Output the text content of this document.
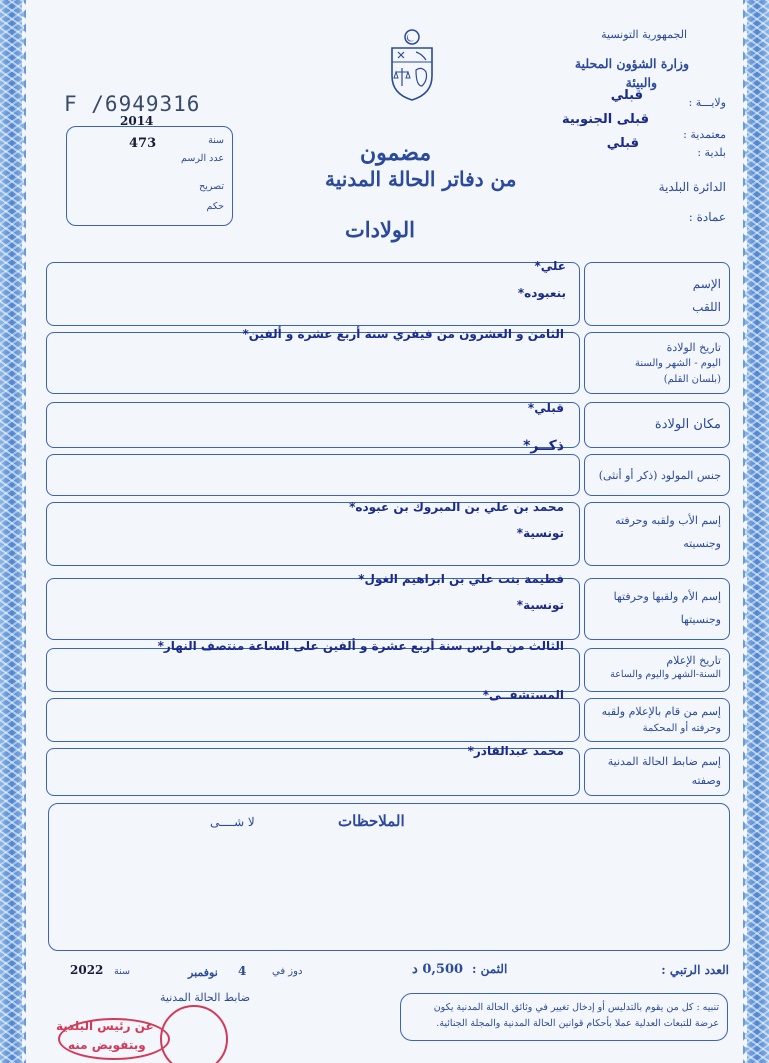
F /6949316
2014
473	سنة
عدد الرسم
تصريح
حكم
مضمون
من دفاتر الحالة المدنية
الولادات
الجمهورية التونسية
وزارة الشؤون المحلية
والبيئة
ولايـــة :
قبلي
معتمدية :
قبلى الجنوبية
بلدية :
قبلي
الدائرة البلدية
عمادة :
الإسم
اللقب
علي*
بنعبوده*
تاريخ الولادة
اليوم - الشهر والسنة
(بلسان القلم)
الثامن و العشرون من فيفري سنة أربع عشرة و ألفين*
مكان الولادة
قبلي*
ذكــر*
جنس المولود (ذكر أو أنثى)
إسم الأب ولقبه وحرفته
وجنسيته
محمد بن علي بن المبروك بن عبوده*
تونسية*
إسم الأم ولقبها وحرفتها
وجنسيتها
فطيمة بنت علي بن ابراهيم الغول*
تونسية*
تاريخ الإعلام
السنة-الشهر واليوم والساعة
الثالث من مارس سنة أربع عشرة و ألفين على الساعة منتصف النهار*
إسم من قام بالإعلام ولقبه
وحرفته أو المحكمة
المستشفــى*
إسم ضابط الحالة المدنية
وصفته
محمد عبدالقادر*
الملاحظات
لا شــــى
العدد الرتبي :
الثمن :
0,500 د
دوز في
4
نوفمبر
سنة
2022
ضابط الحالة المدنية
تنبيه : كل من يقوم بالتدليس أو إدخال تغيير في وثائق الحالة المدنية يكون عرضة للتبعات العدلية عملا بأحكام قوانين الحالة المدنية والمجلة الجنائية.
عن رئيس البلدية
وبتفويض منه
